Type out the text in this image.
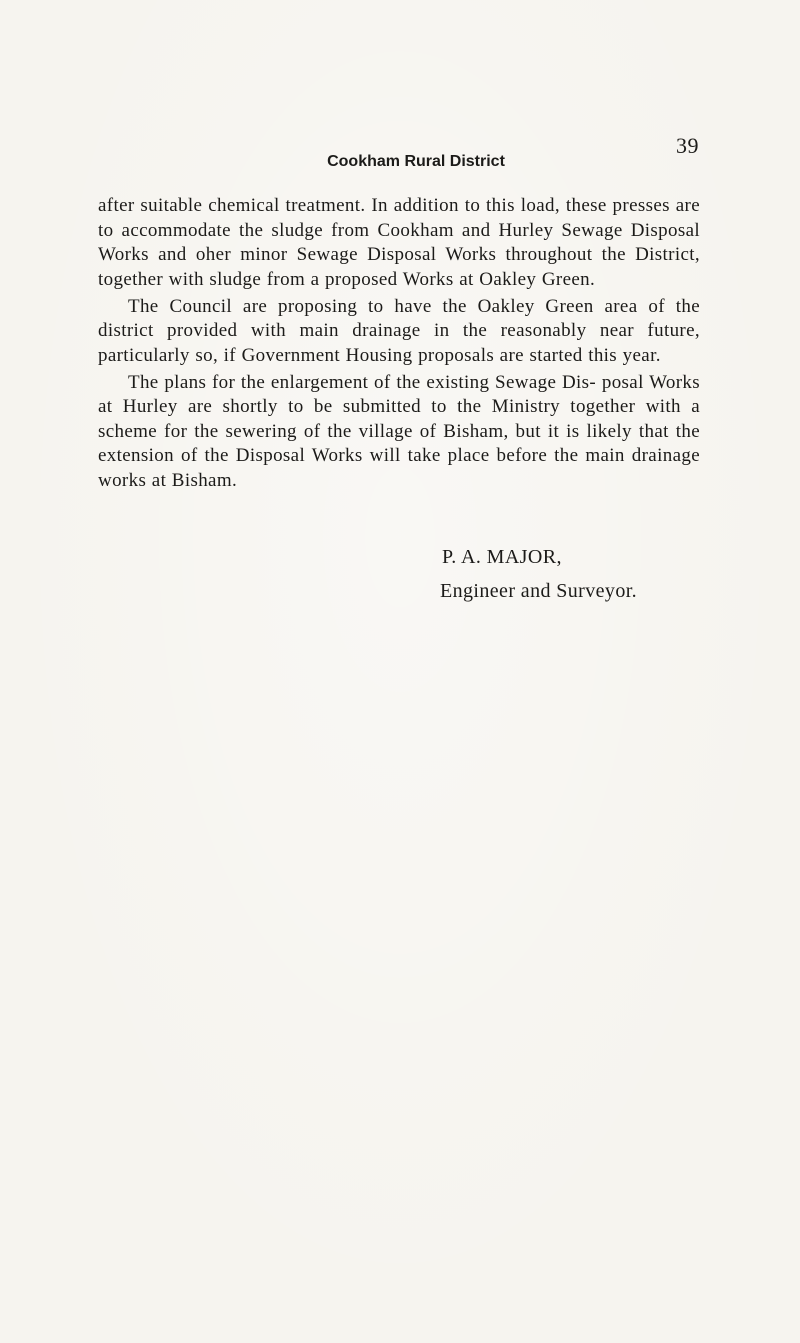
39
Cookham Rural District

after suitable chemical treatment. In addition to this load, these presses are to accommodate the sludge from Cookham and Hurley Sewage Disposal Works and oher minor Sewage Disposal Works throughout the District, together with sludge from a proposed Works at Oakley Green.

The Council are proposing to have the Oakley Green area of the district provided with main drainage in the reasonably near future, particularly so, if Government Housing proposals are started this year.

The plans for the enlargement of the existing Sewage Dis- posal Works at Hurley are shortly to be submitted to the Ministry together with a scheme for the sewering of the village of Bisham, but it is likely that the extension of the Disposal Works will take place before the main drainage works at Bisham.

P. A. MAJOR,
Engineer and Surveyor.
